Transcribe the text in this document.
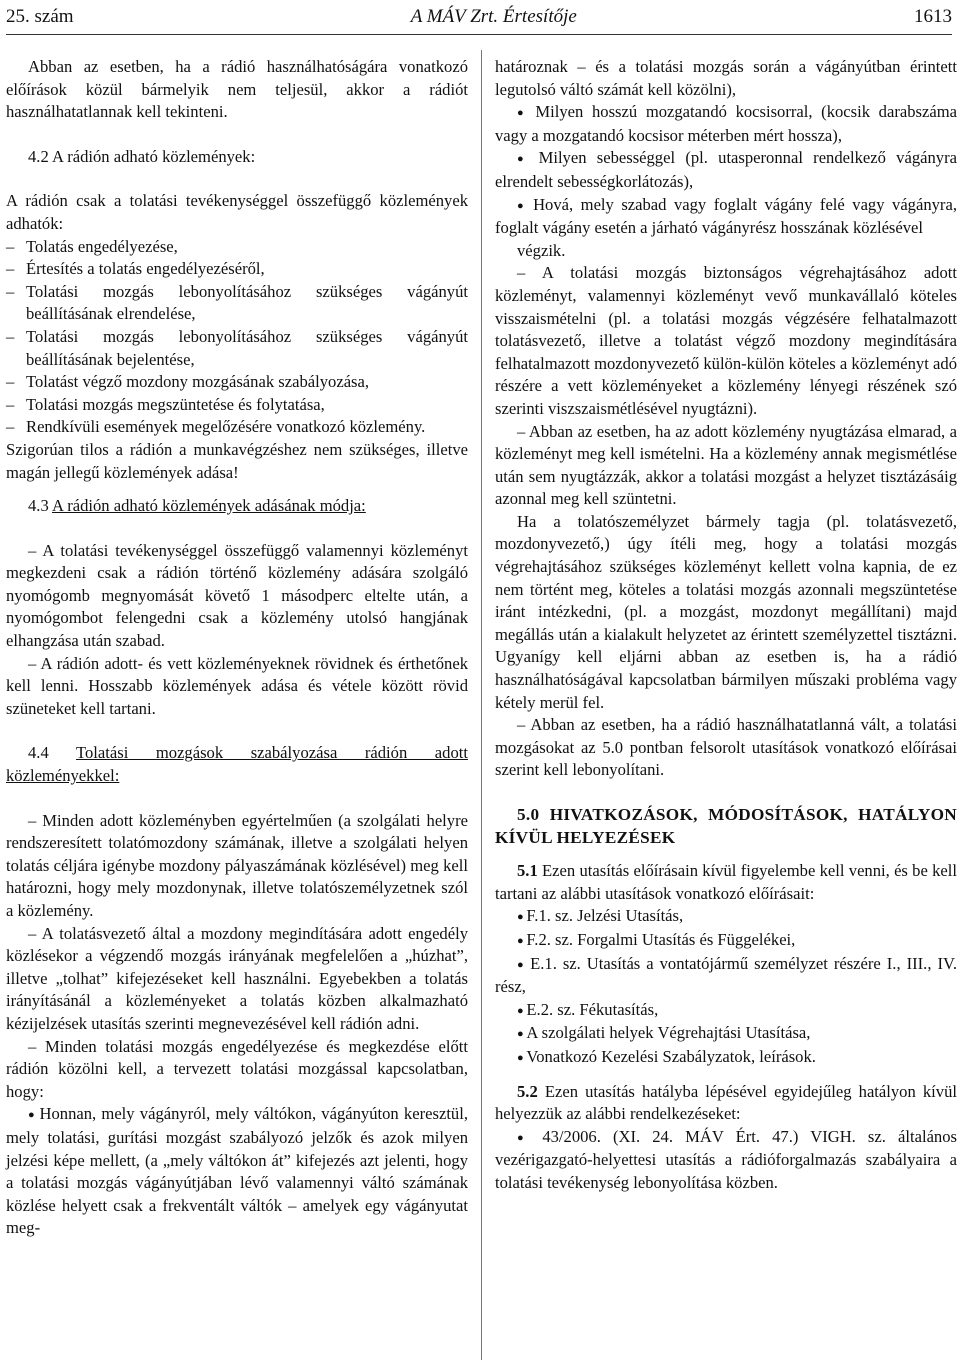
25. szám	A MÁV Zrt. Értesítője	1613

Abban az esetben, ha a rádió használhatóságára vonatkozó előírások közül bármelyik nem teljesül, akkor a rádiót használhatatlannak kell tekinteni.

4.2 A rádión adható közlemények:

A rádión csak a tolatási tevékenységgel összefüggő közlemények adhatók:

– Tolatás engedélyezése,

– Értesítés a tolatás engedélyezéséről,

– Tolatási mozgás lebonyolításához szükséges vágányút beállításának elrendelése,

– Tolatási mozgás lebonyolításához szükséges vágányút beállításának bejelentése,

– Tolatást végző mozdony mozgásának szabályozása,

– Tolatási mozgás megszüntetése és folytatása,

– Rendkívüli események megelőzésére vonatkozó közlemény.

Szigorúan tilos a rádión a munkavégzéshez nem szükséges, illetve magán jellegű közlemények adása!

4.3 A rádión adható közlemények adásának módja:

– A tolatási tevékenységgel összefüggő valamennyi közleményt megkezdeni csak a rádión történő közlemény adására szolgáló nyomógomb megnyomását követő 1 másodperc eltelte után, a nyomógombot felengedni csak a közlemény utolsó hangjának elhangzása után szabad.

– A rádión adott- és vett közleményeknek rövidnek és érthetőnek kell lenni. Hosszabb közlemények adása és vétele között rövid szüneteket kell tartani.

4.4 Tolatási mozgások szabályozása rádión adott közleményekkel:

– Minden adott közleményben egyértelműen (a szolgálati helyre rendszeresített tolatómozdony számának, illetve a szolgálati helyen tolatás céljára igénybe mozdony pályaszámának közlésével) meg kell határozni, hogy mely mozdonynak, illetve tolatószemélyzetnek szól a közlemény.

– A tolatásvezető által a mozdony megindítására adott engedély közlésekor a végzendő mozgás irányának megfelelően a „húzhat”, illetve „tolhat” kifejezéseket kell használni. Egyebekben a tolatás irányításánál a közleményeket a tolatás közben alkalmazható kézijelzések utasítás szerinti megnevezésével kell rádión adni.

– Minden tolatási mozgás engedélyezése és megkezdése előtt rádión közölni kell, a tervezett tolatási mozgással kapcsolatban, hogy:

● Honnan, mely vágányról, mely váltókon, vágányúton keresztül, mely tolatási, gurítási mozgást szabályozó jelzők és azok milyen jelzési képe mellett, (a „mely váltókon át” kifejezés azt jelenti, hogy a tolatási mozgás vágányútjában lévő valamennyi váltó számának közlése helyett csak a frekventált váltók – amelyek egy vágányutat meg-

határoznak – és a tolatási mozgás során a vágányútban érintett legutolsó váltó számát kell közölni),

● Milyen hosszú mozgatandó kocsisorral, (kocsik darabszáma vagy a mozgatandó kocsisor méterben mért hossza),

● Milyen sebességgel (pl. utasperonnal rendelkező vágányra elrendelt sebességkorlátozás),

● Hová, mely szabad vagy foglalt vágány felé vagy vágányra, foglalt vágány esetén a járható vágányrész hosszának közlésével

végzik.

– A tolatási mozgás biztonságos végrehajtásához adott közleményt, valamennyi közleményt vevő munkavállaló köteles visszaismételni (pl. a tolatási mozgás végzésére felhatalmazott tolatásvezető, illetve a tolatást végző mozdony megindítására felhatalmazott mozdonyvezető külön-külön köteles a közleményt adó részére a vett közleményeket a közlemény lényegi részének szó szerinti viszszaismétlésével nyugtázni).

– Abban az esetben, ha az adott közlemény nyugtázása elmarad, a közleményt meg kell ismételni. Ha a közlemény annak megismétlése után sem nyugtázzák, akkor a tolatási mozgást a helyzet tisztázásáig azonnal meg kell szüntetni.

Ha a tolatószemélyzet bármely tagja (pl. tolatásvezető, mozdonyvezető,) úgy ítéli meg, hogy a tolatási mozgás végrehajtásához szükséges közleményt kellett volna kapnia, de ez nem történt meg, köteles a tolatási mozgás azonnali megszüntetése iránt intézkedni, (pl. a mozgást, mozdonyt megállítani) majd megállás után a kialakult helyzetet az érintett személyzettel tisztázni. Ugyanígy kell eljárni abban az esetben is, ha a rádió használhatóságával kapcsolatban bármilyen műszaki probléma vagy kétely merül fel.

– Abban az esetben, ha a rádió használhatatlanná vált, a tolatási mozgásokat az 5.0 pontban felsorolt utasítások vonatkozó előírásai szerint kell lebonyolítani.

5.0 HIVATKOZÁSOK, MÓDOSÍTÁSOK, HATÁLYON KÍVÜL HELYEZÉSEK

5.1 Ezen utasítás előírásain kívül figyelembe kell venni, és be kell tartani az alábbi utasítások vonatkozó előírásait:

● F.1. sz. Jelzési Utasítás,

● F.2. sz. Forgalmi Utasítás és Függelékei,

● E.1. sz. Utasítás a vontatójármű személyzet részére I., III., IV. rész,

● E.2. sz. Fékutasítás,

● A szolgálati helyek Végrehajtási Utasítása,

● Vonatkozó Kezelési Szabályzatok, leírások.

5.2 Ezen utasítás hatályba lépésével egyidejűleg hatályon kívül helyezzük az alábbi rendelkezéseket:

● 43/2006. (XI. 24. MÁV Ért. 47.) VIGH. sz. általános vezérigazgató-helyettesi utasítás a rádióforgalmazás szabályaira a tolatási tevékenység lebonyolítása közben.
